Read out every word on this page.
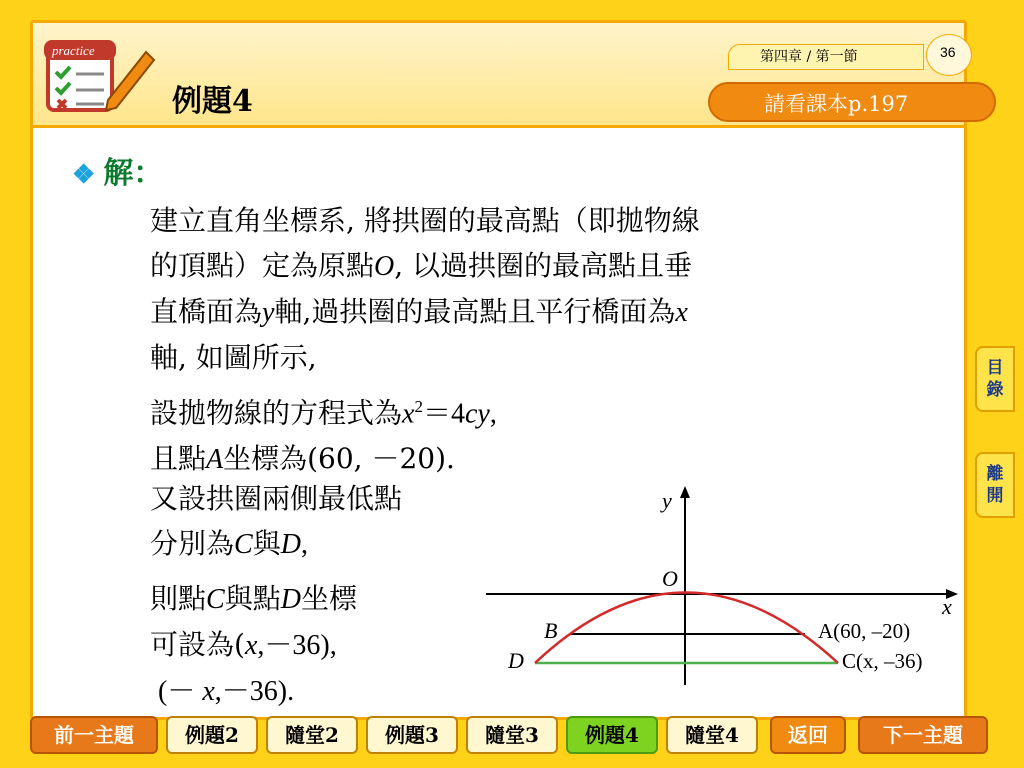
practice
例題4
第四章 / 第一節	36
請看課本p.197
❖ 解：
建立直角坐標系, 將拱圈的最高點（即拋物線
的頂點）定為原點O, 以過拱圈的最高點且垂
直橋面為y軸,過拱圈的最高點且平行橋面為x
軸, 如圖所示,
設拋物線的方程式為$x^2=4cy$,
且點A坐標為(60, －20).
又設拱圈兩側最低點
分別為C與D,
則點C與點D坐標
可設為(x,－36),
(－ x,－36).
y
x
O
B	A(60, –20)
D	C(x, –36)
目
錄
離
開
前一主題	例題2	隨堂2	例題3	隨堂3	例題4	隨堂4	返回	下一主題
